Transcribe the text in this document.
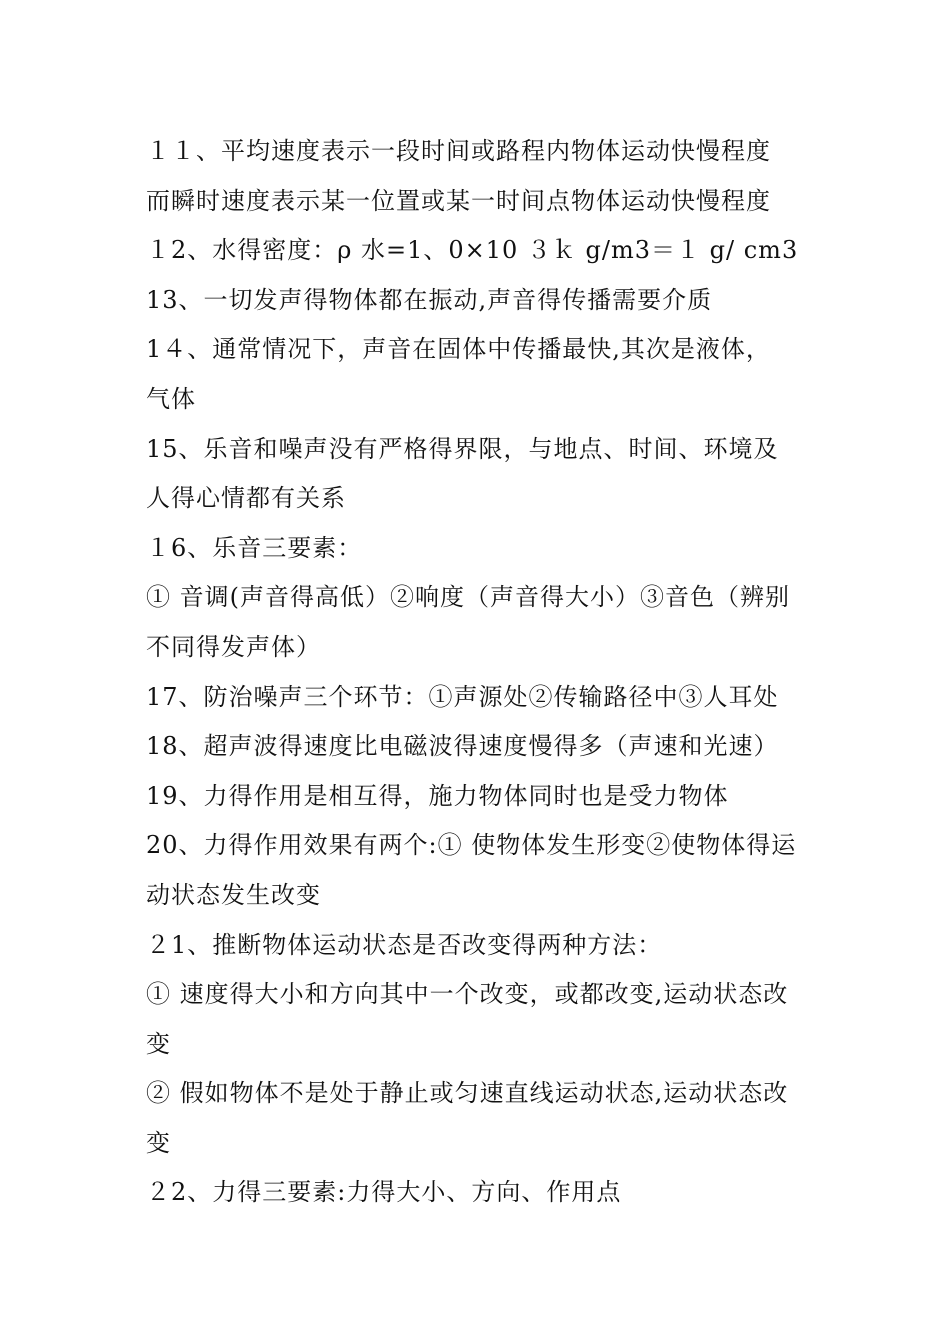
１１、平均速度表示一段时间或路程内物体运动快慢程度
而瞬时速度表示某一位置或某一时间点物体运动快慢程度
１2、水得密度：ρ 水=1、0×10 ３ｋ g/m3＝１ g/ cm3
13、一切发声得物体都在振动,声音得传播需要介质
1４、通常情况下，声音在固体中传播最快,其次是液体，
气体
15、乐音和噪声没有严格得界限，与地点、时间、环境及
人得心情都有关系
１6、乐音三要素：
① 音调(声音得高低）②响度（声音得大小）③音色（辨别
不同得发声体）
17、防治噪声三个环节：①声源处②传输路径中③人耳处
18、超声波得速度比电磁波得速度慢得多（声速和光速）
19、力得作用是相互得，施力物体同时也是受力物体
20、力得作用效果有两个:① 使物体发生形变②使物体得运
动状态发生改变
２1、推断物体运动状态是否改变得两种方法：
① 速度得大小和方向其中一个改变，或都改变,运动状态改
变
② 假如物体不是处于静止或匀速直线运动状态,运动状态改
变
２2、力得三要素:力得大小、方向、作用点
